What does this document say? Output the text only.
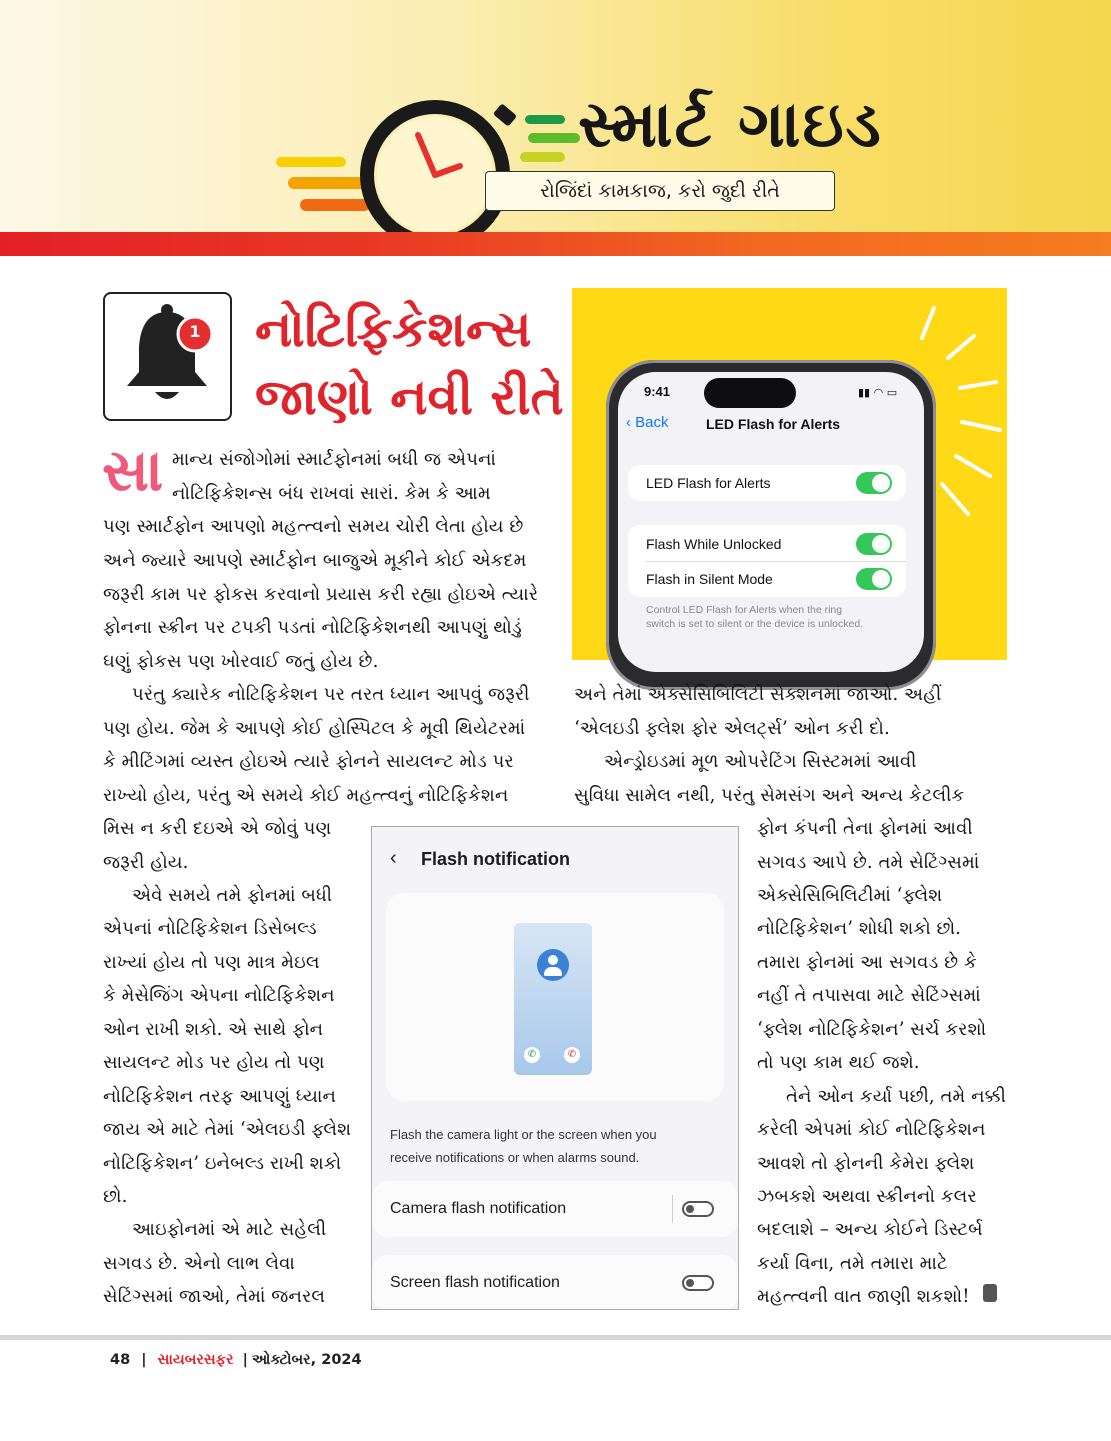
સ્માર્ટ ગાઇડ
રોજિંદાં કામકાજ, કરો જુદી રીતે
1 નોટિફિકેશન્સ
જાણો નવી રીતે
સા માન્ય સંજોગોમાં સ્માર્ટફોનમાં બધી જ એપનાં
નોટિફિકેશન્સ બંધ રાખવાં સારાં. કેમ કે આમ
પણ સ્માર્ટફોન આપણો મહત્ત્વનો સમય ચોરી લેતા હોય છે
અને જ્યારે આપણે સ્માર્ટફોન બાજુએ મૂકીને કોઈ એકદમ
જરૂરી કામ પર ફોકસ કરવાનો પ્રયાસ કરી રહ્યા હોઇએ ત્યારે
ફોનના સ્ક્રીન પર ટપકી પડતાં નોટિફિકેશનથી આપણું થોડું
ઘણું ફોકસ પણ ખોરવાઈ જતું હોય છે.
પરંતુ ક્યારેક નોટિફિકેશન પર તરત ધ્યાન આપવું જરૂરી
પણ હોય. જેમ કે આપણે કોઈ હોસ્પિટલ કે મૂવી થિયેટરમાં
કે મીટિંગમાં વ્યસ્ત હોઇએ ત્યારે ફોનને સાયલન્ટ મોડ પર
રાખ્યો હોય, પરંતુ એ સમયે કોઈ મહત્ત્વનું નોટિફિકેશન
મિસ ન કરી દઇએ એ જોવું પણ
જરૂરી હોય.
એવે સમયે તમે ફોનમાં બધી
એપનાં નોટિફિકેશન ડિસેબલ્ડ
રાખ્યાં હોય તો પણ માત્ર મેઇલ
કે મેસેજિંગ એપના નોટિફિકેશન
ઓન રાખી શકો. એ સાથે ફોન
સાયલન્ટ મોડ પર હોય તો પણ
નોટિફિકેશન તરફ આપણું ધ્યાન
જાય એ માટે તેમાં ‘એલઇડી ફ્લેશ
નોટિફિકેશન’ ઇનેબલ્ડ રાખી શકો
છો.
આઇફોનમાં એ માટે સહેલી
સગવડ છે. એનો લાભ લેવા
સેટિંગ્સમાં જાઓ, તેમાં જનરલ
9:41	▮▮ ◠ ▭
‹ Back	LED Flash for Alerts
LED Flash for Alerts
Flash While Unlocked
Flash in Silent Mode
Control LED Flash for Alerts when the ring
switch is set to silent or the device is unlocked.
અને તેમાં એક્સેસિબિલિટી સેક્શનમાં જાઓ. અહીં
‘એલઇડી ફ્લેશ ફોર એલર્ટ્સ’ ઓન કરી દો.
એન્ડ્રોઇડમાં મૂળ ઓપરેટિંગ સિસ્ટમમાં આવી
સુવિધા સામેલ નથી, પરંતુ સેમસંગ અને અન્ય કેટલીક
ફોન કંપની તેના ફોનમાં આવી
સગવડ આપે છે. તમે સેટિંગ્સમાં
એક્સેસિબિલિટીમાં ‘ફ્લેશ
નોટિફિકેશન’ શોધી શકો છો.
તમારા ફોનમાં આ સગવડ છે કે
નહીં તે તપાસવા માટે સેટિંગ્સમાં
‘ફ્લેશ નોટિફિકેશન’ સર્ચ કરશો
તો પણ કામ થઈ જશે.
તેને ઓન કર્યા પછી, તમે નક્કી
કરેલી એપમાં કોઈ નોટિફિકેશન
આવશે તો ફોનની કેમેરા ફ્લેશ
ઝબકશે અથવા સ્ક્રીનનો કલર
બદલાશે – અન્ય કોઈને ડિસ્ટર્બ
કર્યા વિના, તમે તમારા માટે
મહત્ત્વની વાત જાણી શકશો!
‹ Flash notification
✆	✆
Flash the camera light or the screen when you
receive notifications or when alarms sound.
Camera flash notification
Screen flash notification
48 | સાયબરસફર | ઓક્ટોબર, 2024
